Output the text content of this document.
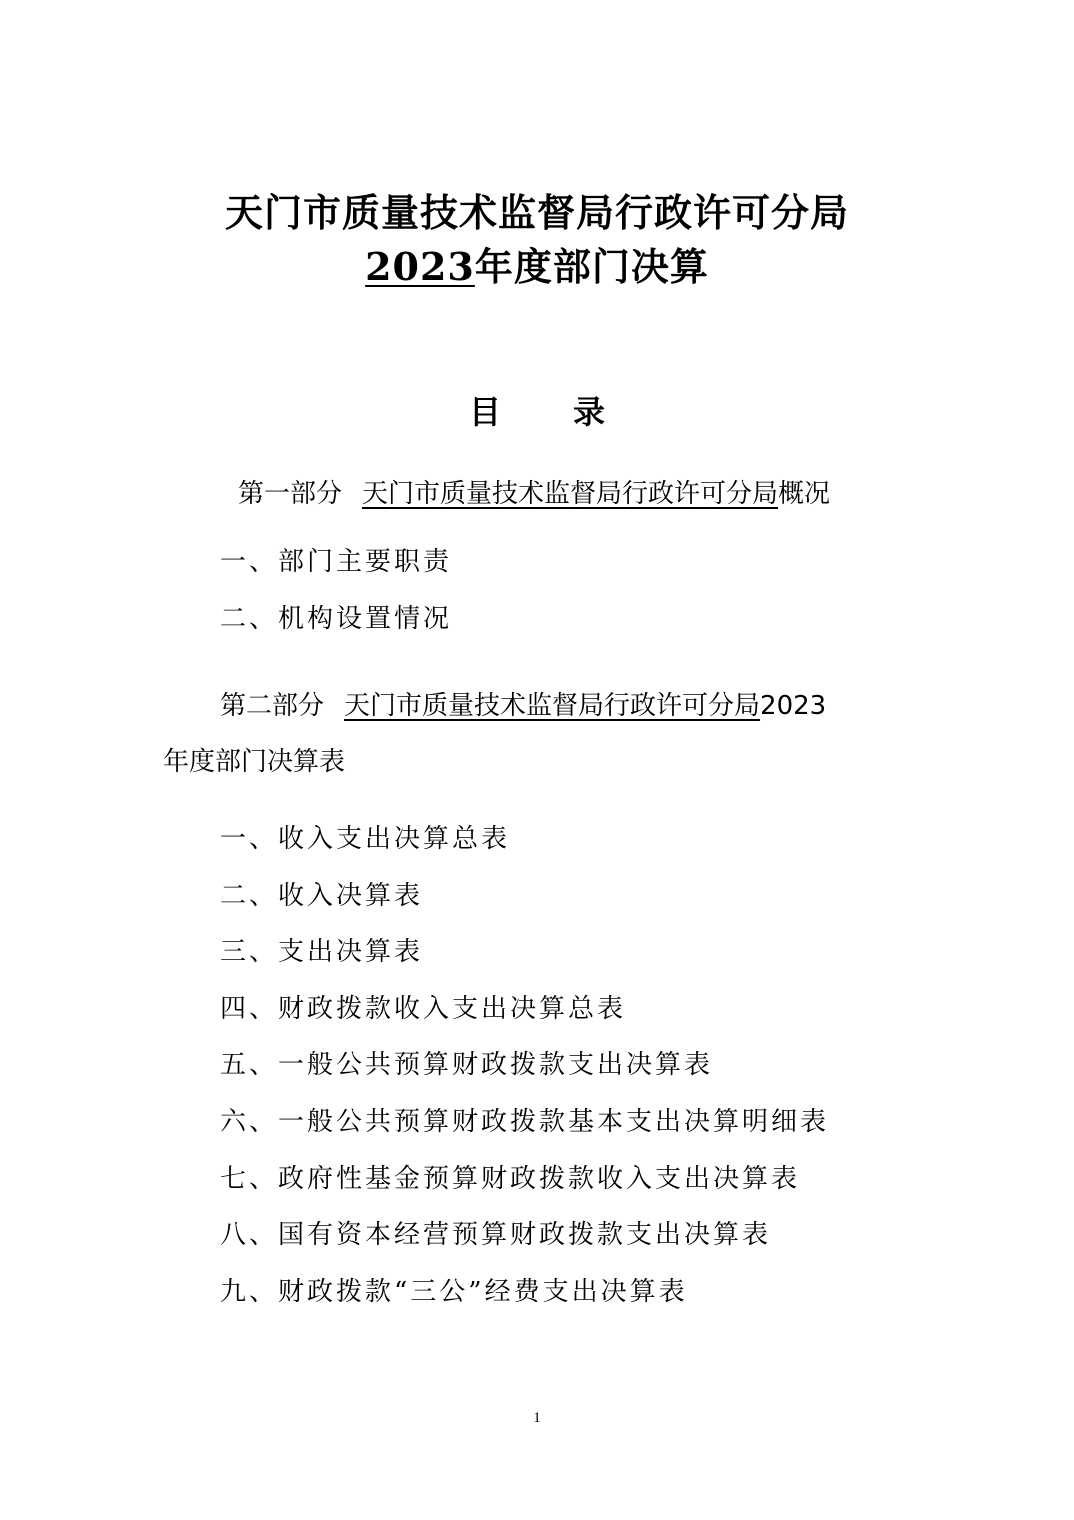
天门市质量技术监督局行政许可分局
2023年度部门决算
目 录
第一部分 天门市质量技术监督局行政许可分局概况
一、部门主要职责
二、机构设置情况
第二部分 天门市质量技术监督局行政许可分局2023
年度部门决算表
一、收入支出决算总表
二、收入决算表
三、支出决算表
四、财政拨款收入支出决算总表
五、一般公共预算财政拨款支出决算表
六、一般公共预算财政拨款基本支出决算明细表
七、政府性基金预算财政拨款收入支出决算表
八、国有资本经营预算财政拨款支出决算表
九、财政拨款“三公”经费支出决算表
1
